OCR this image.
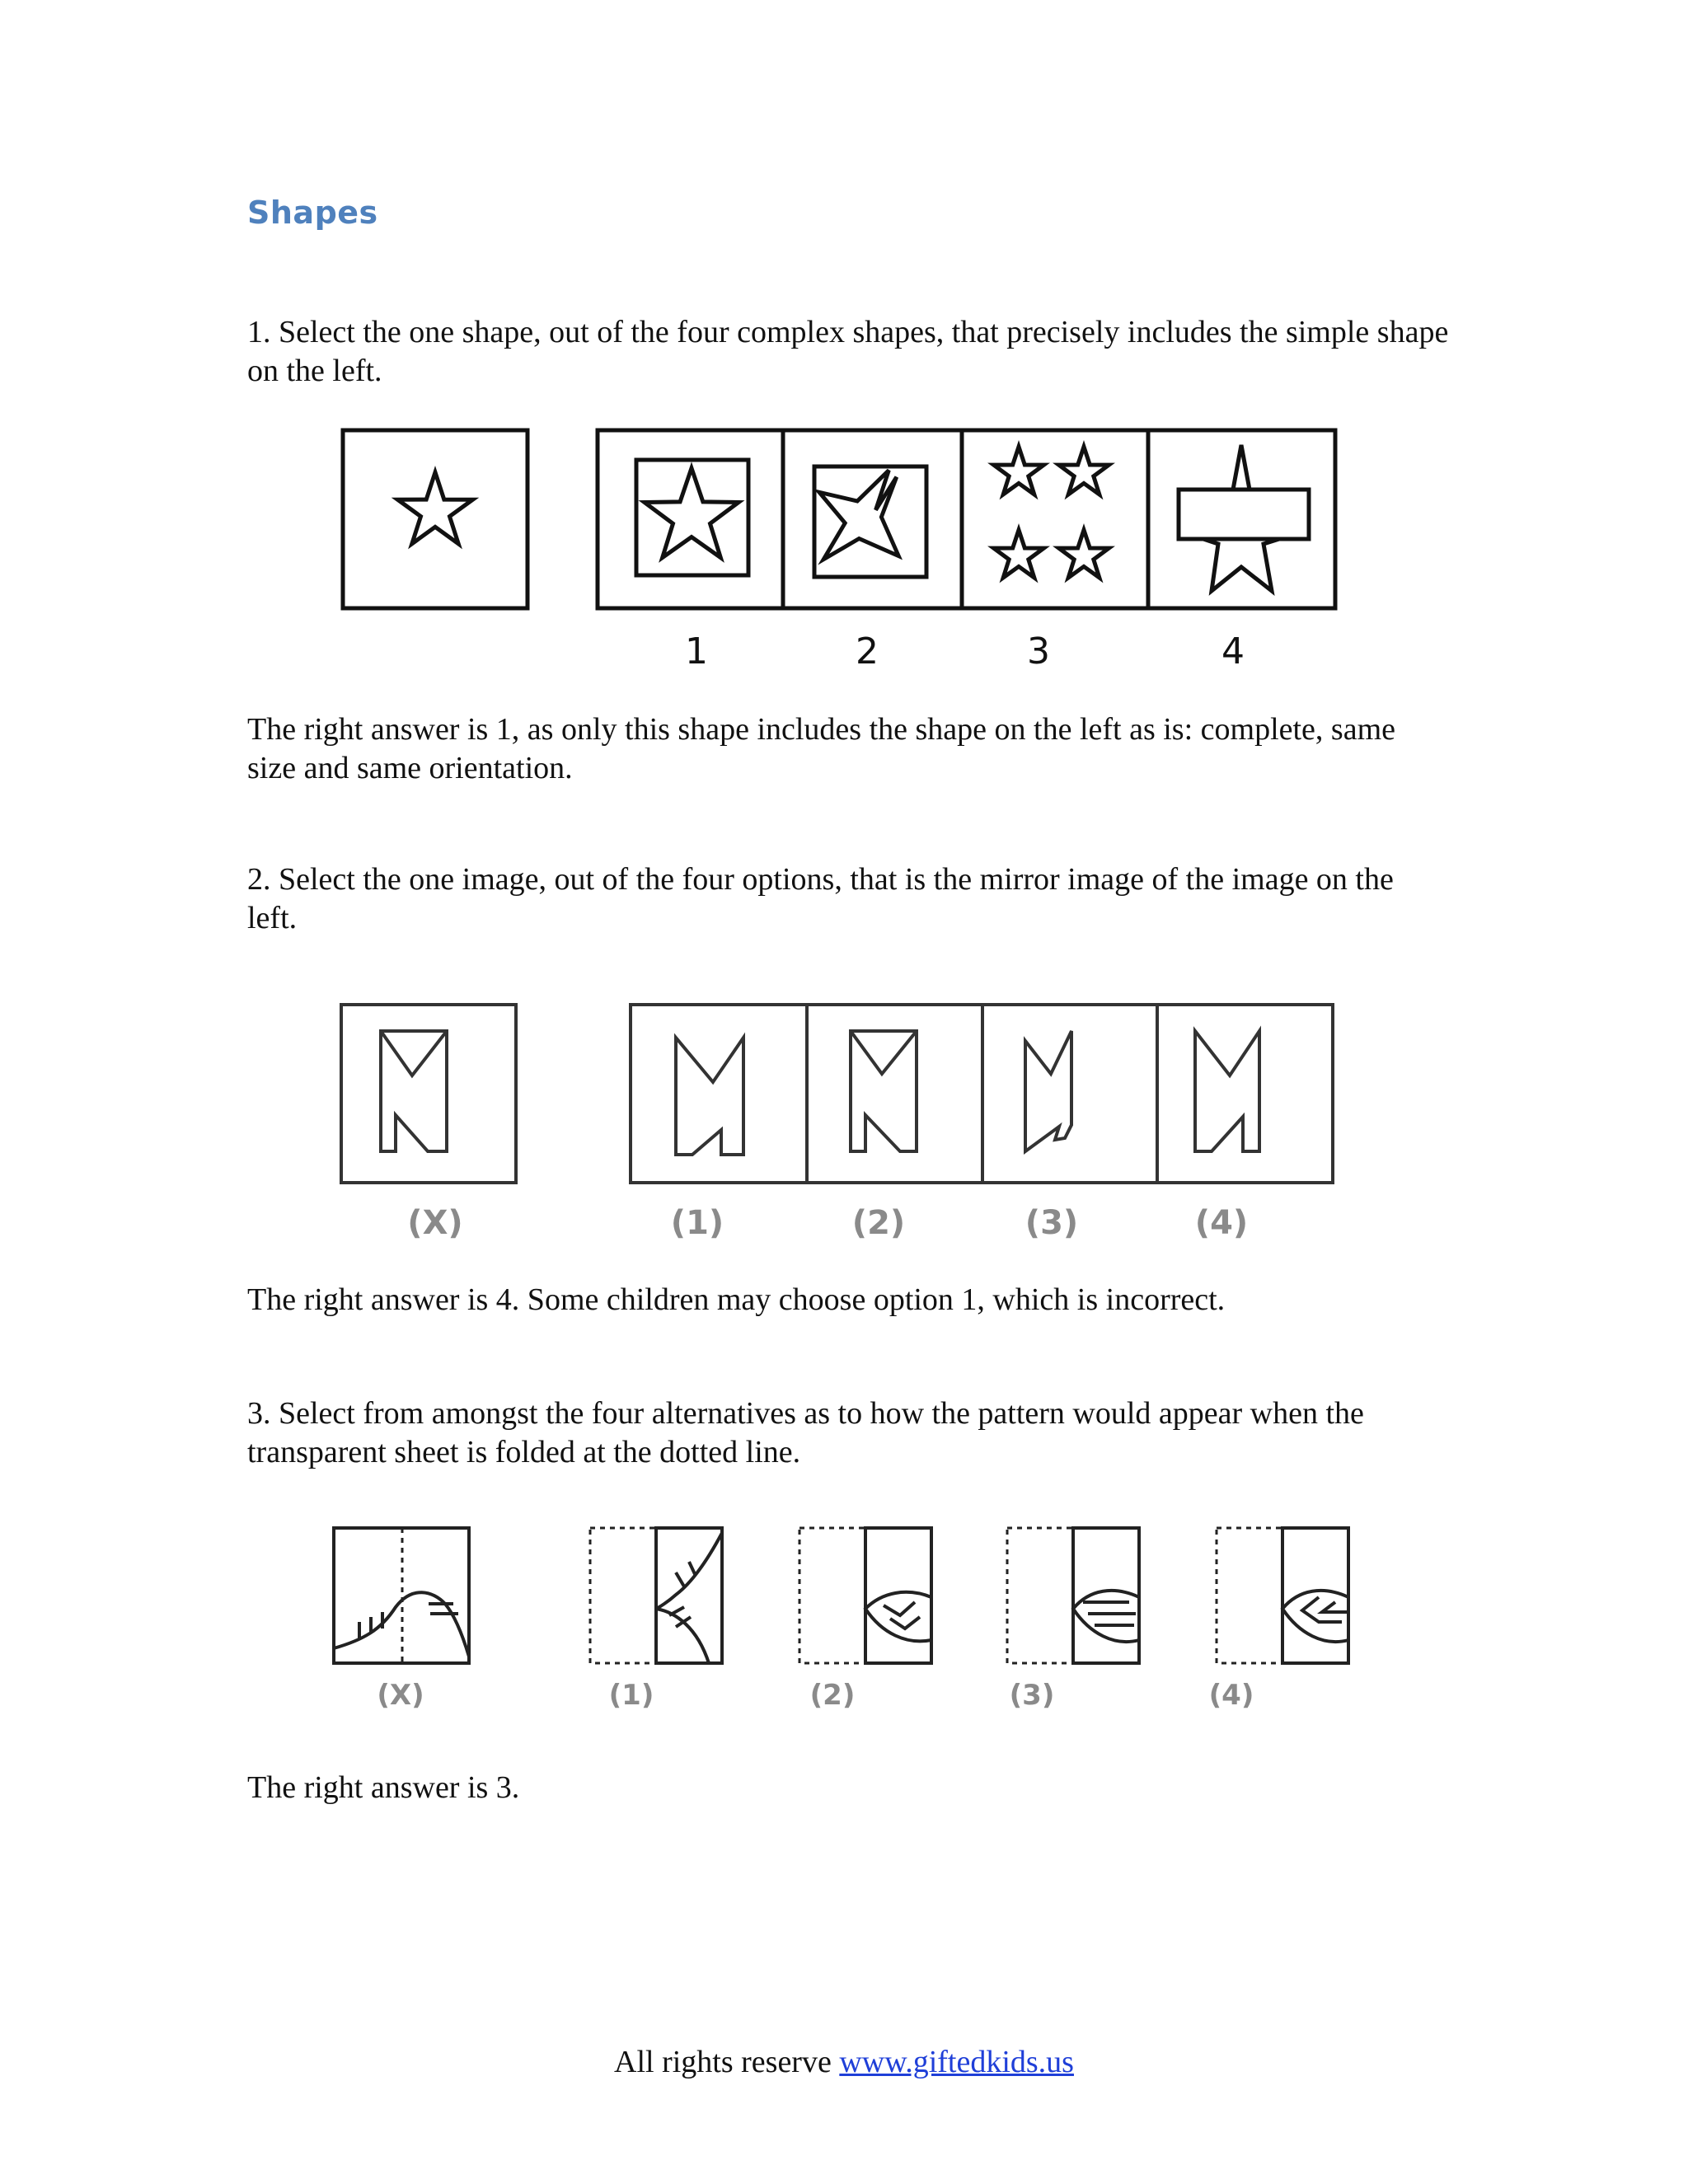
Shapes

1. Select the one shape, out of the four complex shapes, that precisely includes the simple shape on the left.

1	2	3	4

The right answer is 1, as only this shape includes the shape on the left as is: complete, same size and same orientation.

2. Select the one image, out of the four options, that is the mirror image of the image on the left.

(X)	(1)	(2)	(3)	(4)

The right answer is 4. Some children may choose option 1, which is incorrect.

3. Select from amongst the four alternatives as to how the pattern would appear when the transparent sheet is folded at the dotted line.

(X)	(1)	(2)	(3)	(4)

The right answer is 3.

All rights reserve www.giftedkids.us
